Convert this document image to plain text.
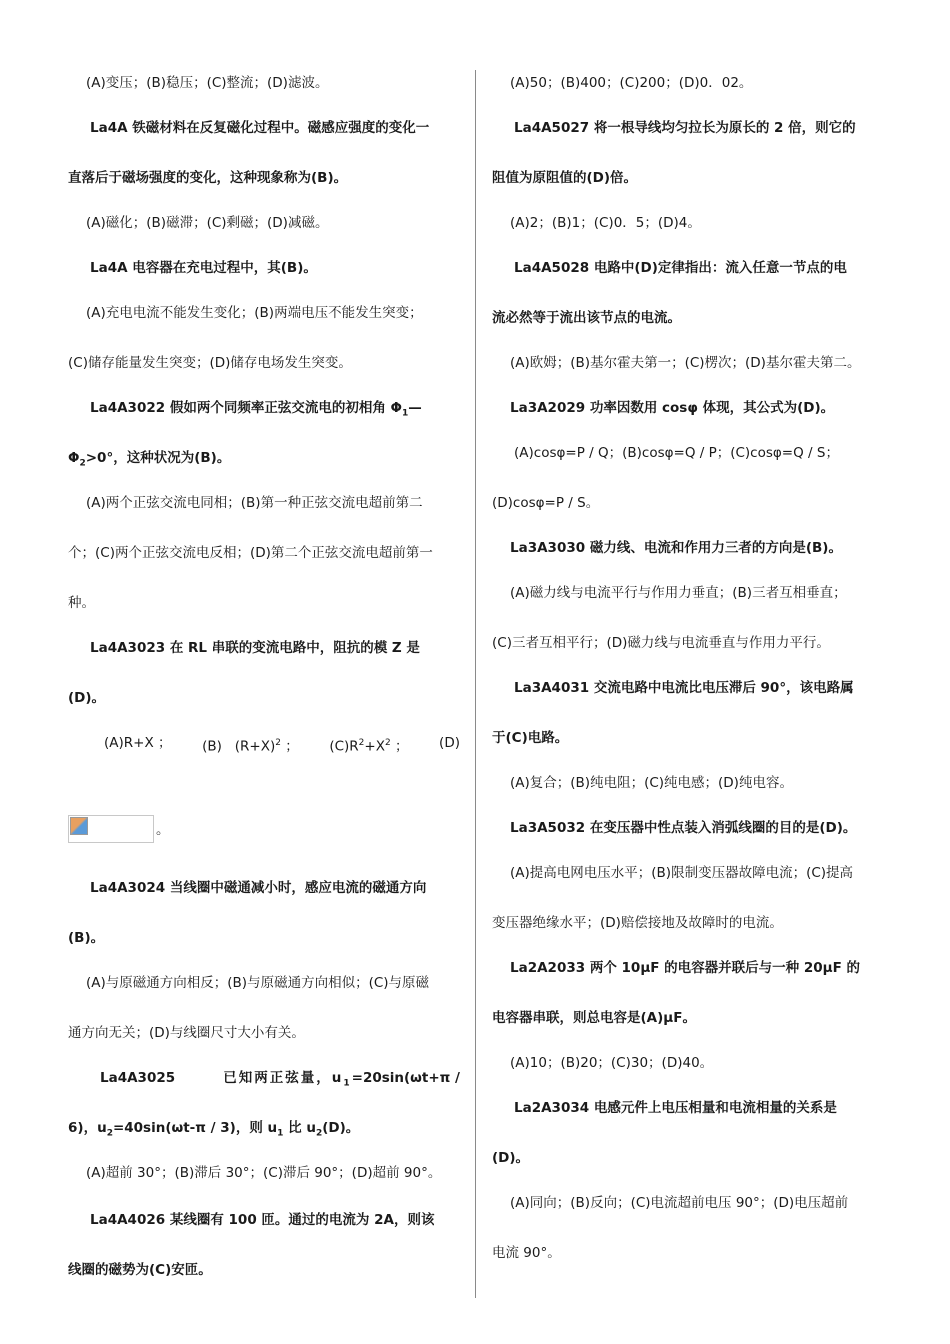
(A)变压；(B)稳压；(C)整流；(D)滤波。
La4A 铁磁材料在反复磁化过程中。磁感应强度的变化一
直落后于磁场强度的变化，这种现象称为(B)。
(A)磁化；(B)磁滞；(C)剩磁；(D)减磁。
La4A 电容器在充电过程中，其(B)。
(A)充电电流不能发生变化；(B)两端电压不能发生突变；
(C)储存能量发生突变；(D)储存电场发生突变。
La4A3022 假如两个同频率正弦交流电的初相角 $\Phi_1—$
$\Phi_2>0^\circ$，这种状况为(B)。
(A)两个正弦交流电同相；(B)第一种正弦交流电超前第二
个；(C)两个正弦交流电反相；(D)第二个正弦交流电超前第一
种。
La4A3023 在 RL 串联的变流电路中，阻抗的模 Z 是
(D)。
(A)R+X ； (B) $(R+X)^2$ ； $(C)R^2+X^2$ ； (D)
。
La4A3024 当线圈中磁通减小时，感应电流的磁通方向
(B)。
(A)与原磁通方向相反；(B)与原磁通方向相似；(C)与原磁
通方向无关；(D)与线圈尺寸大小有关。
La4A3025	已知两正弦量，$u_1=20\sin(\omega t+\pi$ /
6)，$u_2=40\sin(\omega t-\pi / 3)$，则 $u_1$ 比 $u_2(D)$。
(A)超前 30°；(B)滞后 30°；(C)滞后 90°；(D)超前 90°。
La4A4026 某线圈有 100 匝。通过的电流为 2A，则该
线圈的磁势为(C)安匝。
(A)50；(B)400；(C)200；(D)0．02。
La4A5027 将一根导线均匀拉长为原长的 2 倍，则它的
阻值为原阻值的(D)倍。
(A)2；(B)1；(C)0．5；(D)4。
La4A5028 电路中(D)定律指出：流入任意一节点的电
流必然等于流出该节点的电流。
(A)欧姆；(B)基尔霍夫第一；(C)楞次；(D)基尔霍夫第二。
La3A2029 功率因数用 cosφ 体现，其公式为(D)。
(A)cosφ=P / Q；(B)cosφ=Q / P；(C)cosφ=Q / S；
(D)cosφ=P / S。
La3A3030 磁力线、电流和作用力三者的方向是(B)。
(A)磁力线与电流平行与作用力垂直；(B)三者互相垂直；
(C)三者互相平行；(D)磁力线与电流垂直与作用力平行。
La3A4031 交流电路中电流比电压滞后 90°，该电路属
于(C)电路。
(A)复合；(B)纯电阻；(C)纯电感；(D)纯电容。
La3A5032 在变压器中性点装入消弧线圈的目的是(D)。
(A)提高电网电压水平；(B)限制变压器故障电流；(C)提高
变压器绝缘水平；(D)赔偿接地及故障时的电流。
La2A2033 两个 10μF 的电容器并联后与一种 20μF 的
电容器串联，则总电容是(A)μF。
(A)10；(B)20；(C)30；(D)40。
La2A3034 电感元件上电压相量和电流相量的关系是
(D)。
(A)同向；(B)反向；(C)电流超前电压 90°；(D)电压超前
电流 90°。
